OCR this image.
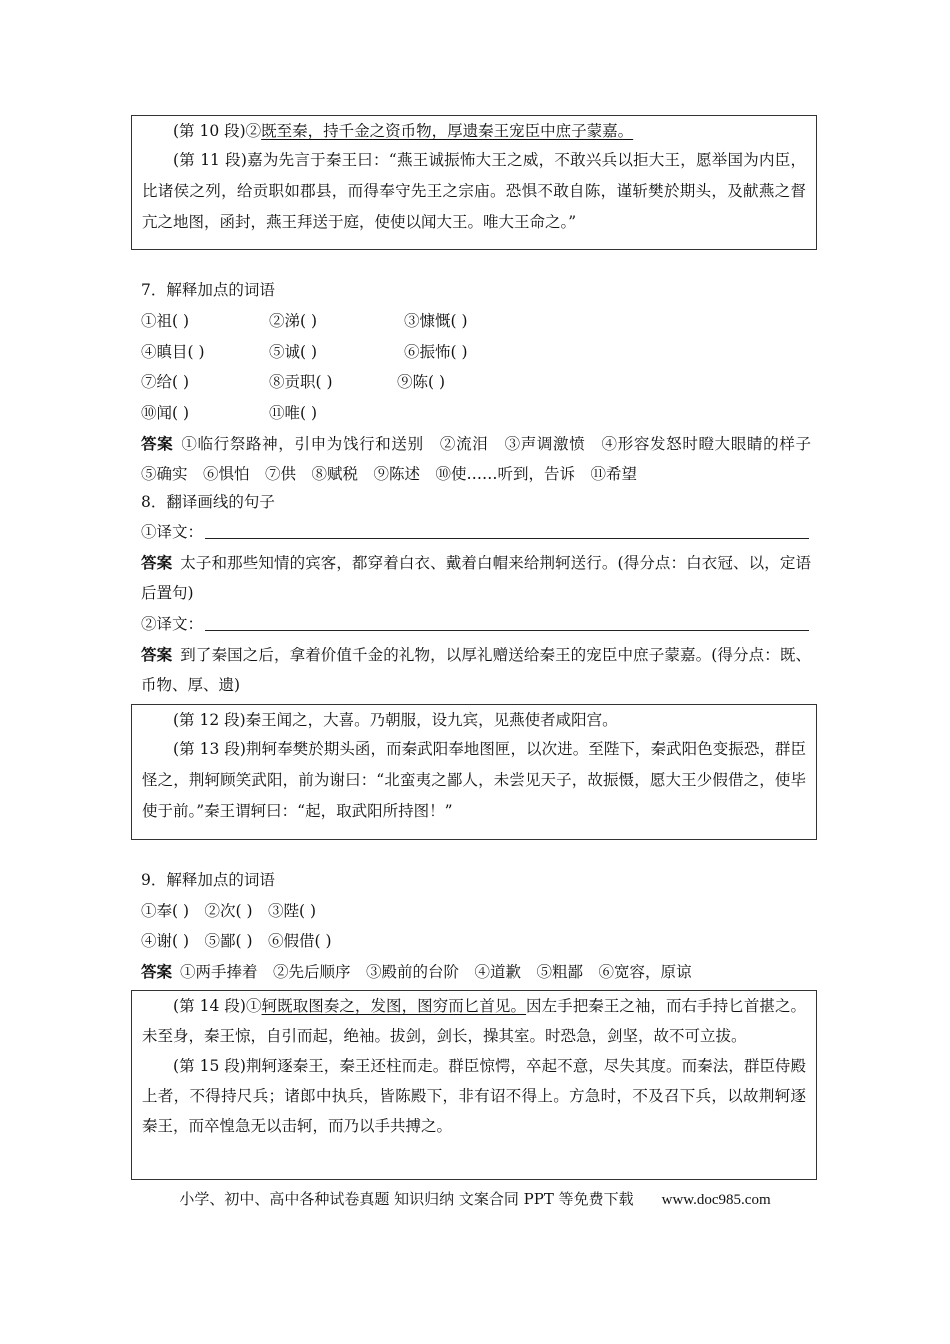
(第 10 段)②既至秦，持千金之资币物，厚遗秦王宠臣中庶子蒙嘉。

(第 11 段)嘉为先言于秦王曰：“燕王诚振怖大王之威，不敢兴兵以拒大王，愿举国为内臣，比诸侯之列，给贡职如郡县，而得奉守先王之宗庙。恐惧不敢自陈，谨斩樊於期头，及献燕之督亢之地图，函封，燕王拜送于庭，使使以闻大王。唯大王命之。”

7．解释加点的词语
①祖( )	②涕( )	③慷慨( )
④瞋目( )	⑤诚( )	⑥振怖( )
⑦给( )	⑧贡职( )	⑨陈( )
⑩闻( )	⑪唯( )
答案 ①临行祭路神，引申为饯行和送别　②流泪　③声调激愤　④形容发怒时瞪大眼睛的样子　⑤确实　⑥惧怕　⑦供　⑧赋税　⑨陈述　⑩使……听到，告诉　⑪希望
8．翻译画线的句子
①译文：
答案 太子和那些知情的宾客，都穿着白衣、戴着白帽来给荆轲送行。(得分点：白衣冠、以，定语后置句)
②译文：
答案 到了秦国之后，拿着价值千金的礼物，以厚礼赠送给秦王的宠臣中庶子蒙嘉。(得分点：既、币物、厚、遗)

(第 12 段)秦王闻之，大喜。乃朝服，设九宾，见燕使者咸阳宫。

(第 13 段)荆轲奉樊於期头函，而秦武阳奉地图匣，以次进。至陛下，秦武阳色变振恐，群臣怪之，荆轲顾笑武阳，前为谢曰：“北蛮夷之鄙人，未尝见天子，故振慑，愿大王少假借之，使毕使于前。”秦王谓轲曰：“起，取武阳所持图！”

9．解释加点的词语
①奉( )　②次( )　③陛( )
④谢( )　⑤鄙( )　⑥假借( )
答案 ①两手捧着　②先后顺序　③殿前的台阶　④道歉　⑤粗鄙　⑥宽容，原谅

(第 14 段)①轲既取图奏之，发图，图穷而匕首见。因左手把秦王之袖，而右手持匕首揕之。未至身，秦王惊，自引而起，绝袖。拔剑，剑长，操其室。时恐急，剑坚，故不可立拔。

(第 15 段)荆轲逐秦王，秦王还柱而走。群臣惊愕，卒起不意，尽失其度。而秦法，群臣侍殿上者，不得持尺兵；诸郎中执兵，皆陈殿下，非有诏不得上。方急时，不及召下兵，以故荆轲逐秦王，而卒惶急无以击轲，而乃以手共搏之。

小学、初中、高中各种试卷真题 知识归纳 文案合同 PPT 等免费下载 www.doc985.com
